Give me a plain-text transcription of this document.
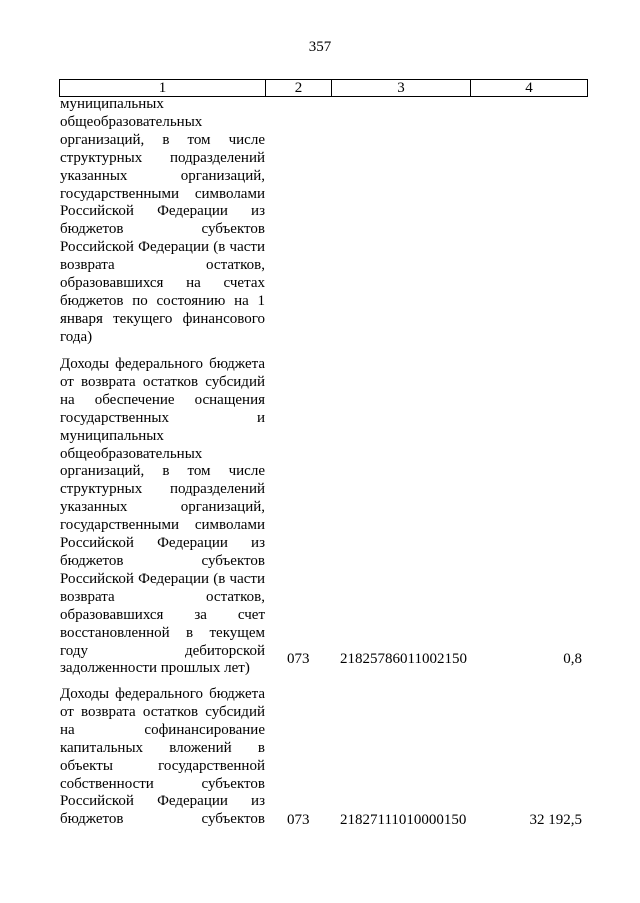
357
1	2	3	4
муниципальных
общеобразовательных
организаций, в том числе
структурных подразделений
указанных организаций,
государственными символами
Российской Федерации из
бюджетов субъектов
Российской Федерации (в части
возврата остатков,
образовавшихся на счетах
бюджетов по состоянию на 1
января текущего финансового
года)
Доходы федерального бюджета
от возврата остатков субсидий
на обеспечение оснащения
государственных и
муниципальных
общеобразовательных
организаций, в том числе
структурных подразделений
указанных организаций,
государственными символами
Российской Федерации из
бюджетов субъектов
Российской Федерации (в части
возврата остатков,
образовавшихся за счет
восстановленной в текущем
году дебиторской
задолженности прошлых лет)
073	21825786011002150	0,8
Доходы федерального бюджета
от возврата остатков субсидий
на софинансирование
капитальных вложений в
объекты государственной
собственности субъектов
Российской Федерации из
бюджетов субъектов 073	21827111010000150	32 192,5
